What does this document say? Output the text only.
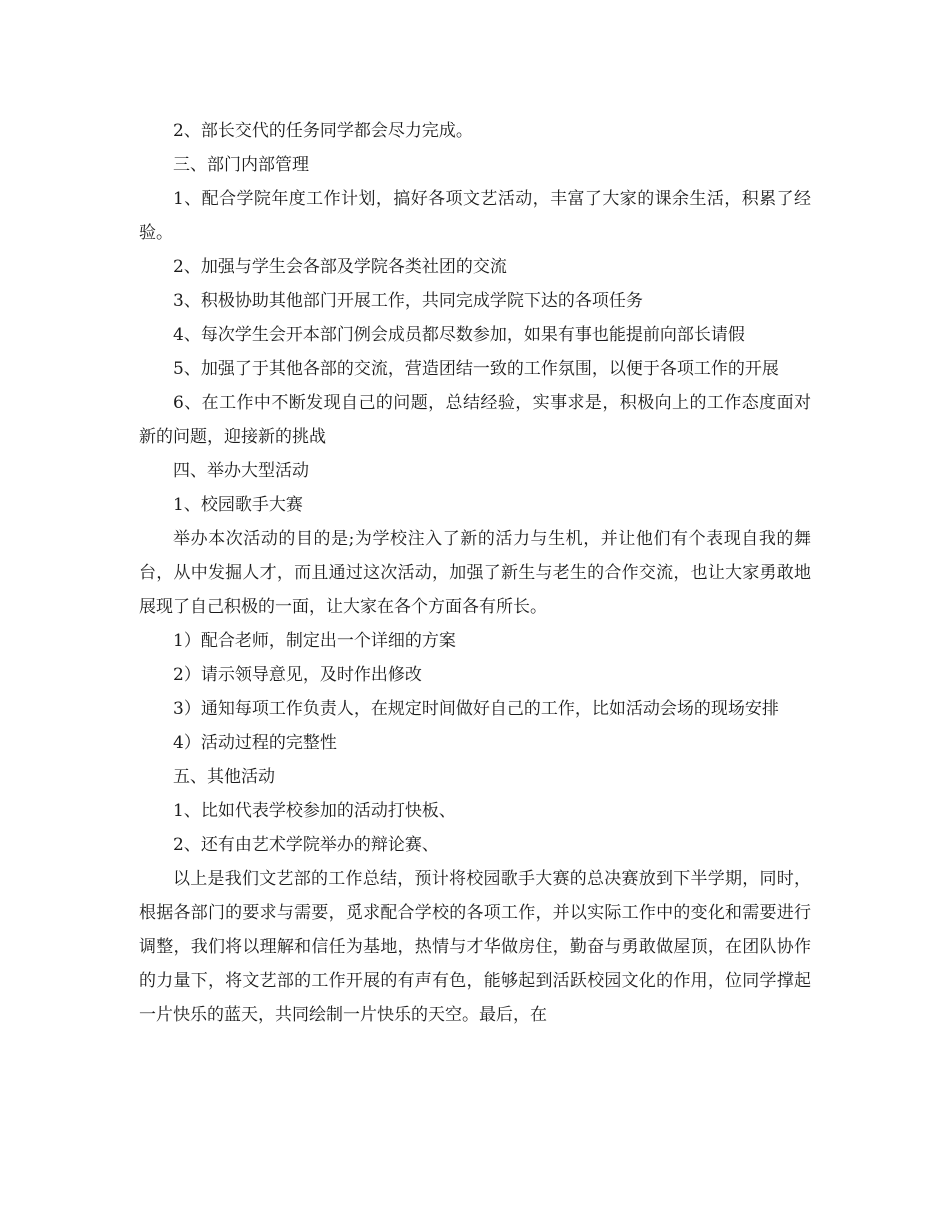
2、部长交代的任务同学都会尽力完成。

三、部门内部管理

1、配合学院年度工作计划，搞好各项文艺活动，丰富了大家的课余生活，积累了经验。

2、加强与学生会各部及学院各类社团的交流

3、积极协助其他部门开展工作，共同完成学院下达的各项任务

4、每次学生会开本部门例会成员都尽数参加，如果有事也能提前向部长请假

5、加强了于其他各部的交流，营造团结一致的工作氛围，以便于各项工作的开展

6、在工作中不断发现自己的问题，总结经验，实事求是，积极向上的工作态度面对新的问题，迎接新的挑战

四、举办大型活动

1、校园歌手大赛

举办本次活动的目的是;为学校注入了新的活力与生机，并让他们有个表现自我的舞台，从中发掘人才，而且通过这次活动，加强了新生与老生的合作交流，也让大家勇敢地展现了自己积极的一面，让大家在各个方面各有所长。

1）配合老师，制定出一个详细的方案

2）请示领导意见，及时作出修改

3）通知每项工作负责人，在规定时间做好自己的工作，比如活动会场的现场安排

4）活动过程的完整性

五、其他活动

1、比如代表学校参加的活动打快板、

2、还有由艺术学院举办的辩论赛、

以上是我们文艺部的工作总结，预计将校园歌手大赛的总决赛放到下半学期，同时，根据各部门的要求与需要，觅求配合学校的各项工作，并以实际工作中的变化和需要进行调整，我们将以理解和信任为基地，热情与才华做房住，勤奋与勇敢做屋顶，在团队协作的力量下，将文艺部的工作开展的有声有色，能够起到活跃校园文化的作用，位同学撑起一片快乐的蓝天，共同绘制一片快乐的天空。最后，在
